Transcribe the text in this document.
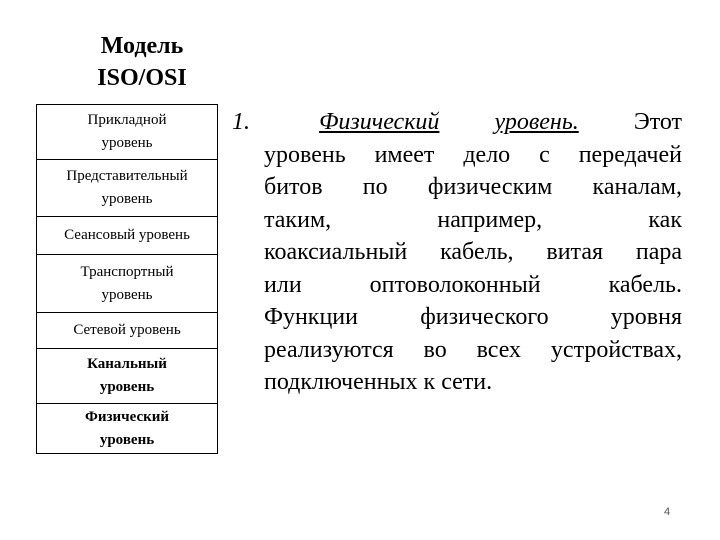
Модель
ISO/OSI
Прикладной
уровень
Представительный
уровень
Сеансовый уровень
Транспортный
уровень
Сетевой уровень
Канальный
уровень
Физический
уровень
1.	Физический уровень. Этот
уровень имеет дело с передачей
битов по физическим каналам,
таким, например, как
коаксиальный кабель, витая пара
или оптоволоконный кабель.
Функции физического уровня
реализуются во всех устройствах,
подключенных к сети.
4
